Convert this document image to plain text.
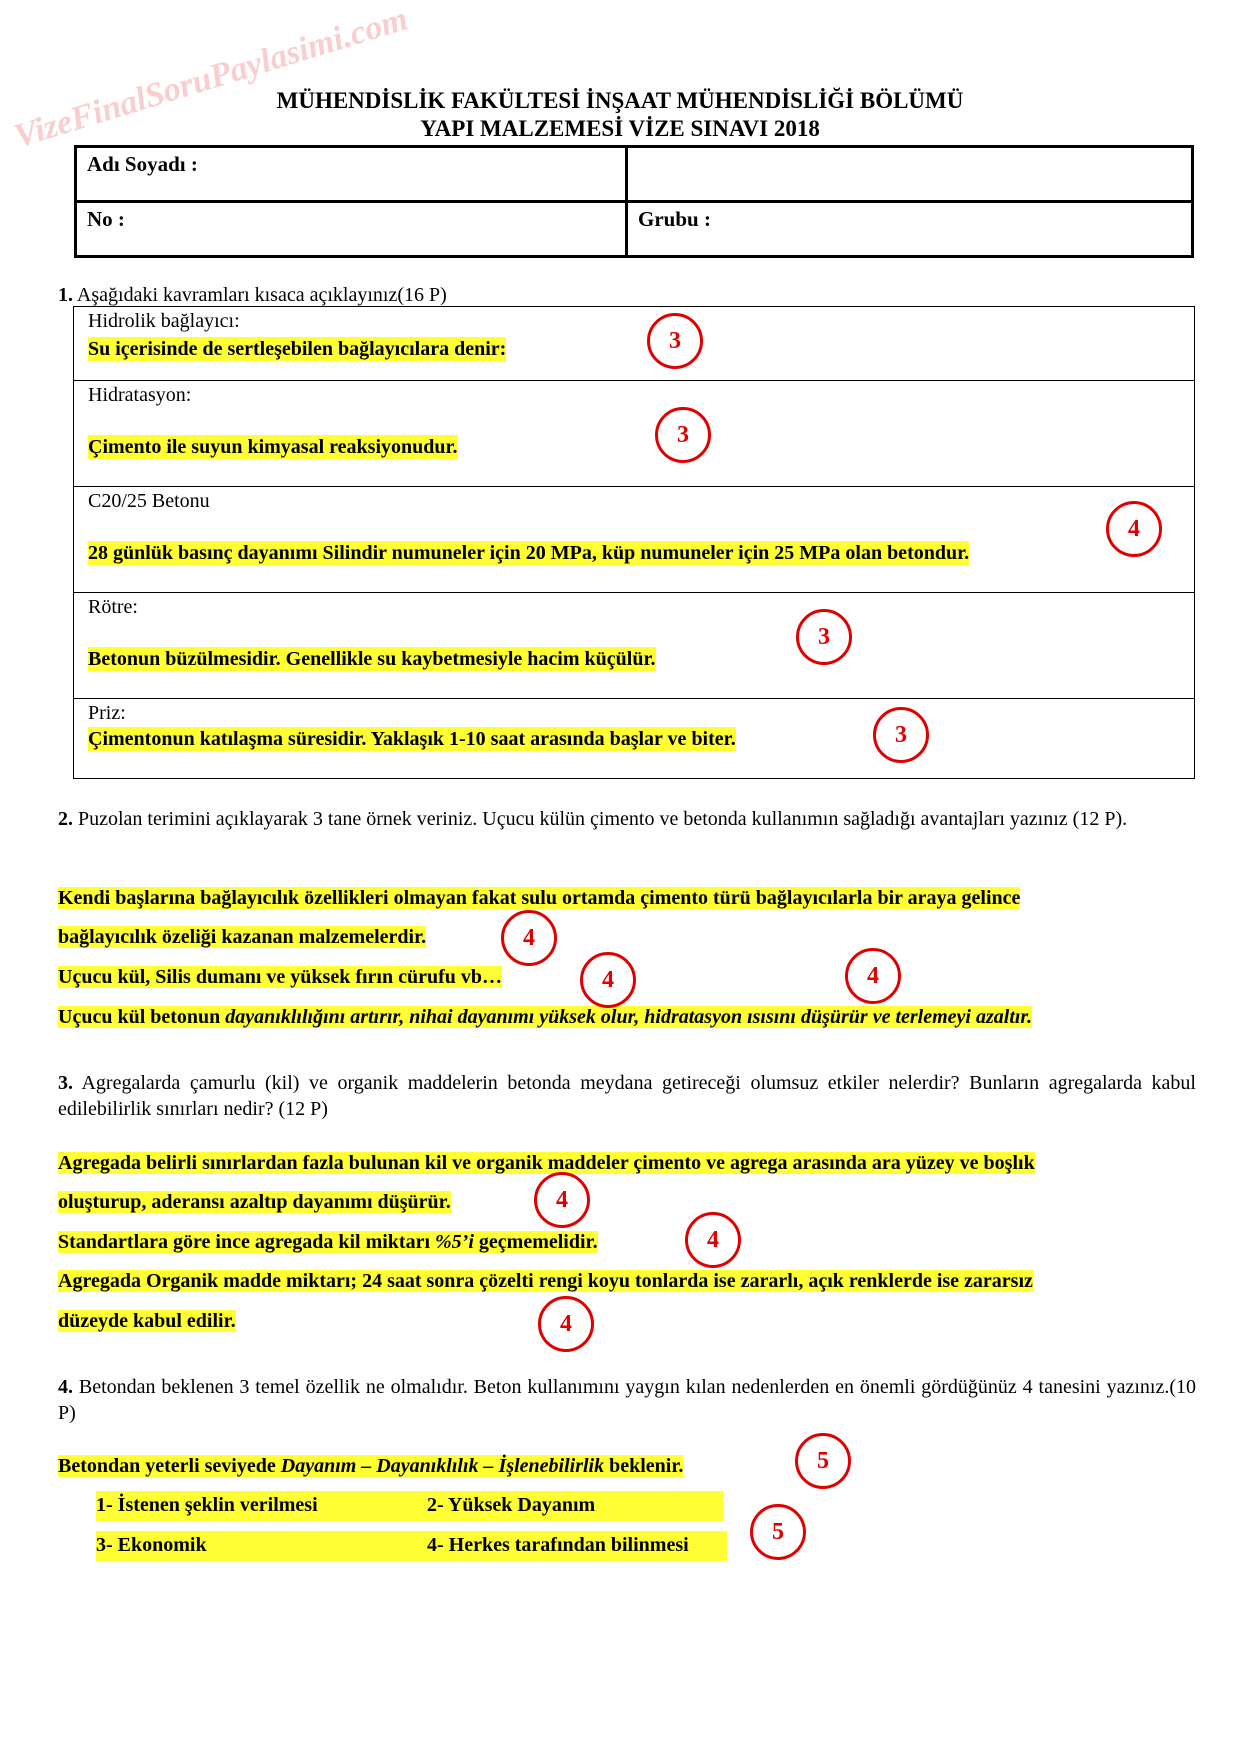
VizeFinalSoruPaylasimi.com
MÜHENDİSLİK FAKÜLTESİ İNŞAAT MÜHENDİSLİĞİ BÖLÜMÜ
YAPI MALZEMESİ VİZE SINAVI 2018
Adı Soyadı :	
No :	Grubu :
1. Aşağıdaki kavramları kısaca açıklayınız(16 P)
Hidrolik bağlayıcı:
Su içerisinde de sertleşebilen bağlayıcılara denir:	3
Hidratasyon:
Çimento ile suyun kimyasal reaksiyonudur.	3
C20/25 Betonu
28 günlük basınç dayanımı Silindir numuneler için 20 MPa, küp numuneler için 25 MPa olan betondur.
4
Rötre:
Betonun büzülmesidir. Genellikle su kaybetmesiyle hacim küçülür.
3
Priz:
Çimentonun katılaşma süresidir. Yaklaşık 1-10 saat arasında başlar ve biter.	3
2. Puzolan terimini açıklayarak 3 tane örnek veriniz. Uçucu külün çimento ve betonda kullanımın sağladığı avantajları yazınız (12 P).
Kendi başlarına bağlayıcılık özellikleri olmayan fakat sulu ortamda çimento türü bağlayıcılarla bir araya gelince
bağlayıcılık özeliği kazanan malzemelerdir.
Uçucu kül, Silis dumanı ve yüksek fırın cürufu vb…
Uçucu kül betonun dayanıklılığını artırır, nihai dayanımı yüksek olur, hidratasyon ısısını düşürür ve terlemeyi azaltır.
4
4	4
3. Agregalarda çamurlu (kil) ve organik maddelerin betonda meydana getireceği olumsuz etkiler nelerdir? Bunların agregalarda kabul edilebilirlik sınırları nedir? (12 P)
Agregada belirli sınırlardan fazla bulunan kil ve organik maddeler çimento ve agrega arasında ara yüzey ve boşlık
oluşturup, aderansı azaltıp dayanımı düşürür.
Standartlara göre ince agregada kil miktarı %5’i geçmemelidir.
Agregada Organik madde miktarı; 24 saat sonra çözelti rengi koyu tonlarda ise zararlı, açık renklerde ise zararsız
düzeyde kabul edilir.
4
4
4
4. Betondan beklenen 3 temel özellik ne olmalıdır. Beton kullanımını yaygın kılan nedenlerden en önemli gördüğünüz 4 tanesini yazınız.(10 P)
Betondan yeterli seviyede Dayanım – Dayanıklılık – İşlenebilirlik beklenir.
1- İstenen şeklin verilmesi	2- Yüksek Dayanım
3- Ekonomik	4- Herkes tarafından bilinmesi
5
5
